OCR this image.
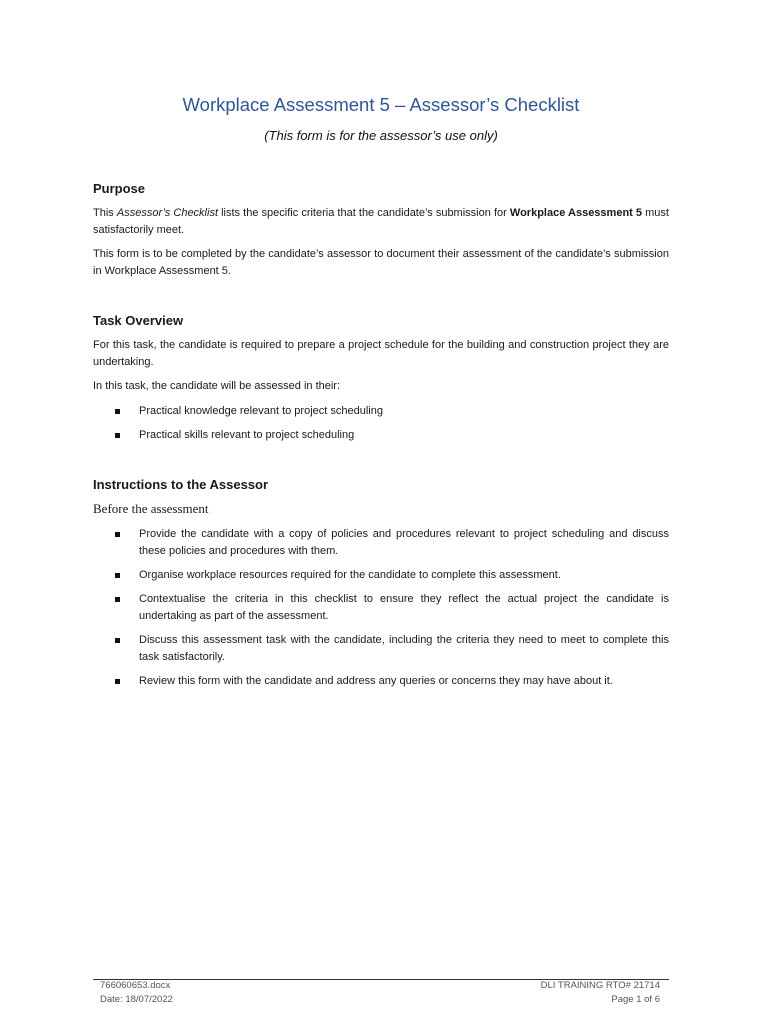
Workplace Assessment 5 – Assessor’s Checklist
(This form is for the assessor’s use only)
Purpose
This Assessor’s Checklist lists the specific criteria that the candidate’s submission for Workplace Assessment 5 must satisfactorily meet.
This form is to be completed by the candidate’s assessor to document their assessment of the candidate’s submission in Workplace Assessment 5.
Task Overview
For this task, the candidate is required to prepare a project schedule for the building and construction project they are undertaking.
In this task, the candidate will be assessed in their:
Practical knowledge relevant to project scheduling
Practical skills relevant to project scheduling
Instructions to the Assessor
Before the assessment
Provide the candidate with a copy of policies and procedures relevant to project scheduling and discuss these policies and procedures with them.
Organise workplace resources required for the candidate to complete this assessment.
Contextualise the criteria in this checklist to ensure they reflect the actual project the candidate is undertaking as part of the assessment.
Discuss this assessment task with the candidate, including the criteria they need to meet to complete this task satisfactorily.
Review this form with the candidate and address any queries or concerns they may have about it.
766060653.docx
Date: 18/07/2022
DLI TRAINING RTO# 21714
Page 1 of 6
